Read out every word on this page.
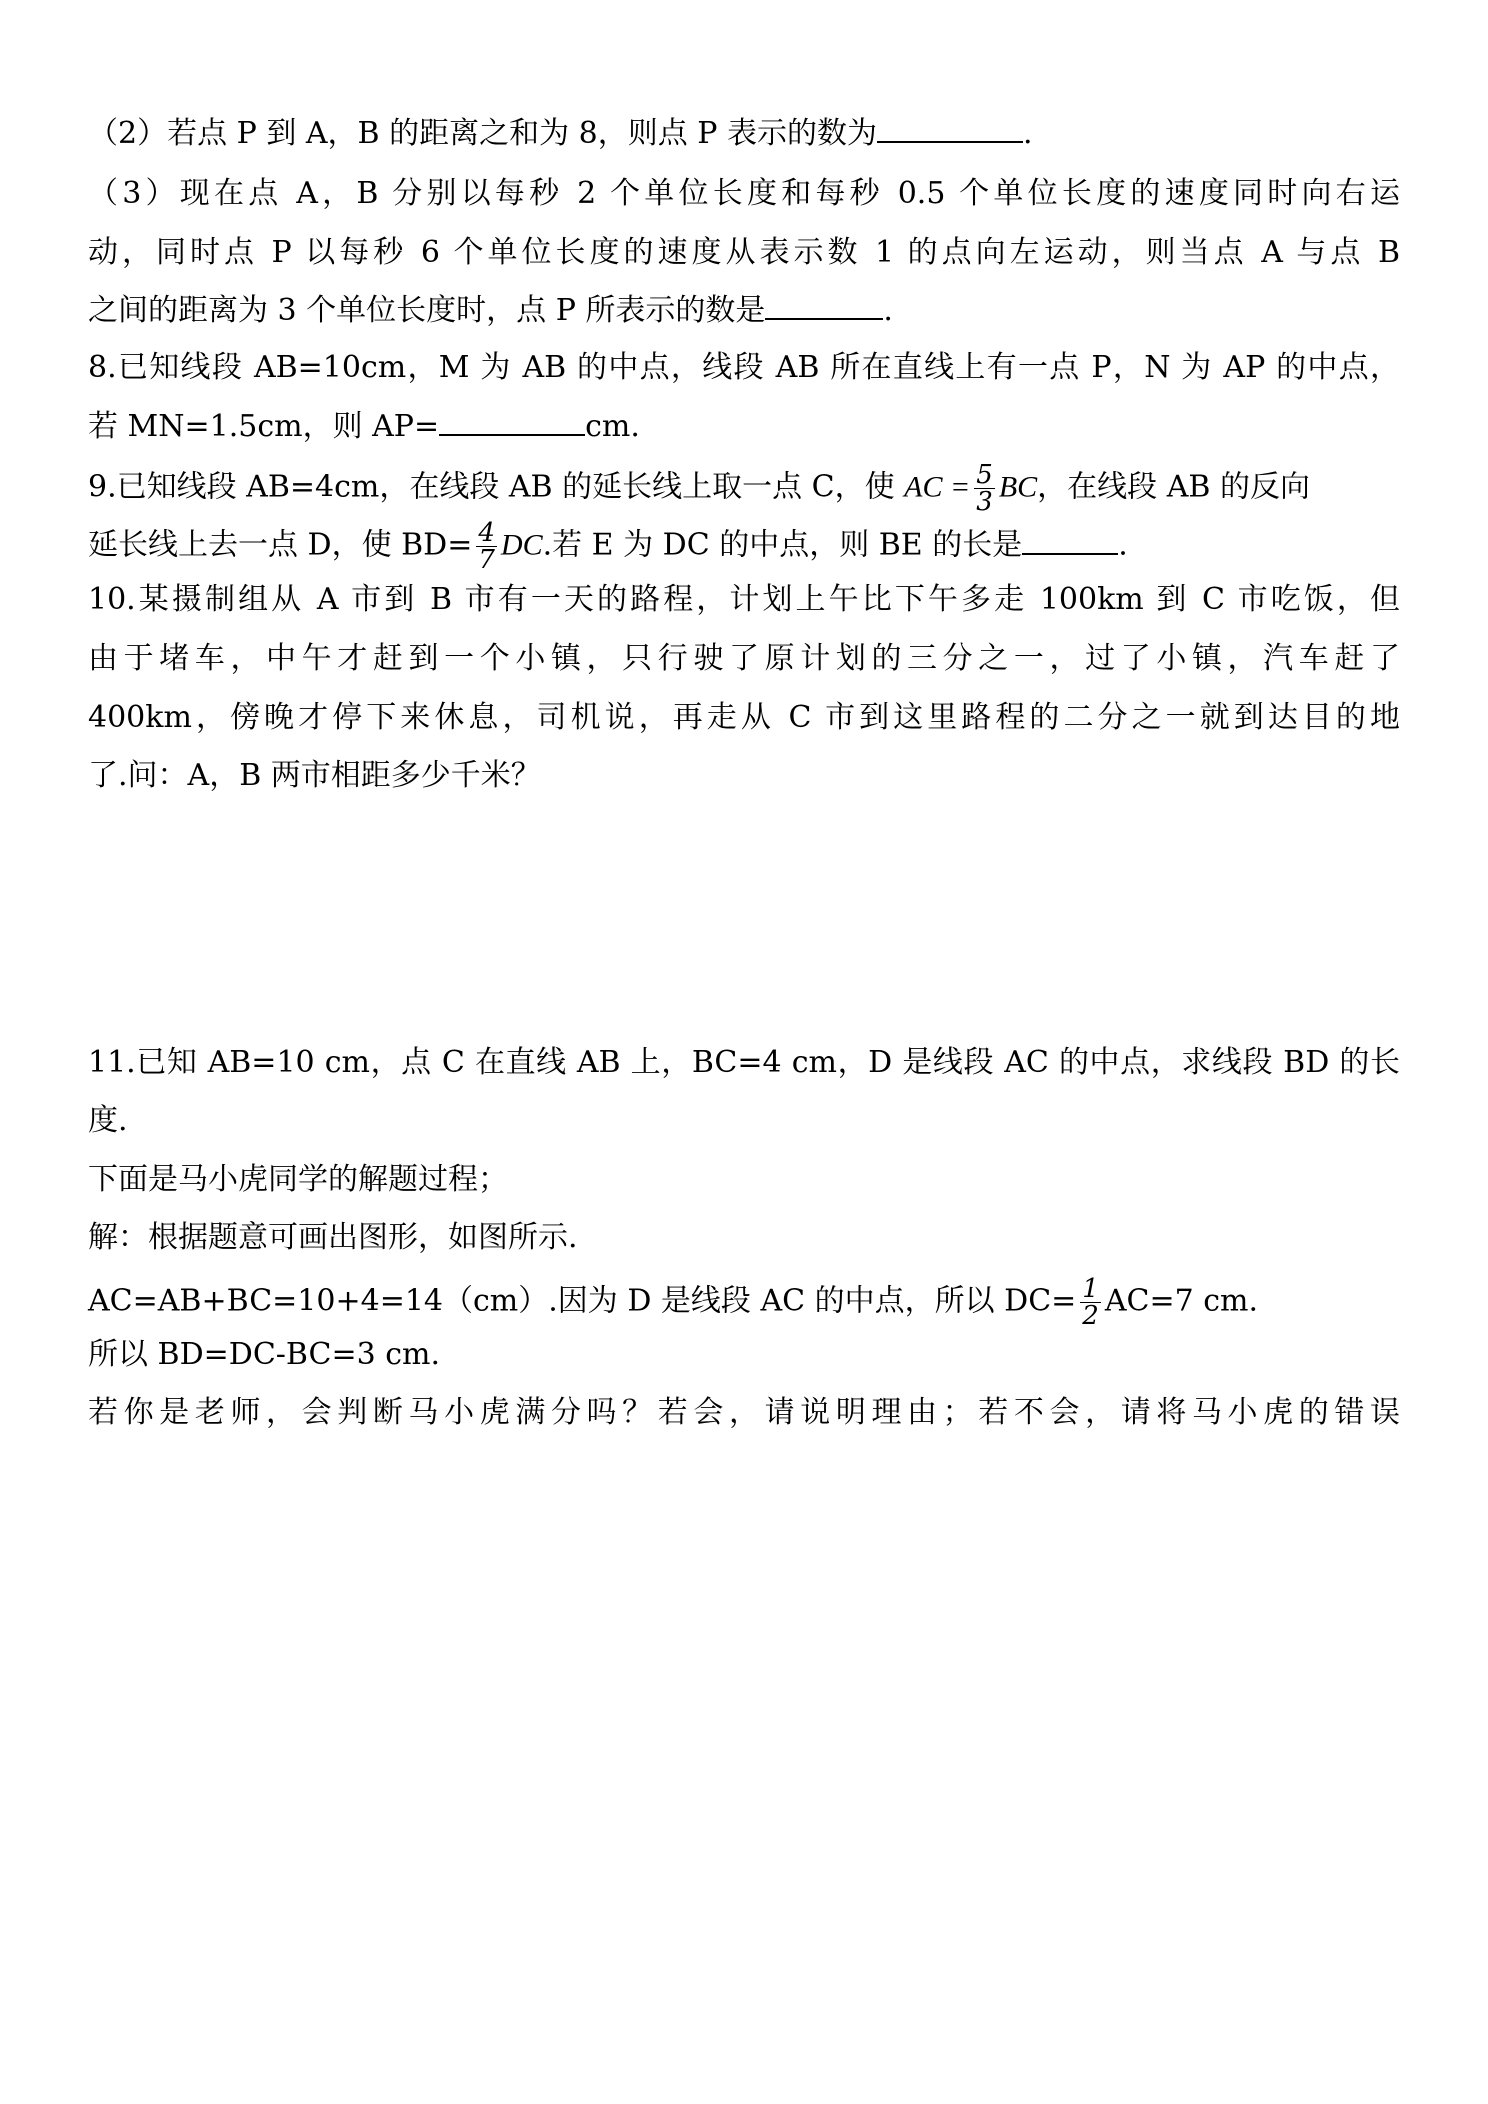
（2）若点 P 到 A，B 的距离之和为 8，则点 P 表示的数为	.
（3）现在点 A，B 分别以每秒 2 个单位长度和每秒 0.5 个单位长度的速度同时向右运
动，同时点 P 以每秒 6 个单位长度的速度从表示数 1 的点向左运动，则当点 A 与点 B
之间的距离为 3 个单位长度时，点 P 所表示的数是	.
8.已知线段 AB=10cm，M 为 AB 的中点，线段 AB 所在直线上有一点 P，N 为 AP 的中点，
若 MN=1.5cm，则 AP=	cm.
9.已知线段 AB=4cm，在线段 AB 的延长线上取一点 C，使 AC = $\frac{5}{3}$ BC，在线段 AB 的反向
延长线上去一点 D，使 $BD= \frac{4}{7}$ DC.若 E 为 DC 的中点，则 BE 的长是	.
10.某摄制组从 A 市到 B 市有一天的路程，计划上午比下午多走 100km 到 C 市吃饭，但
由于堵车，中午才赶到一个小镇，只行驶了原计划的三分之一，过了小镇，汽车赶了
400km，傍晚才停下来休息，司机说，再走从 C 市到这里路程的二分之一就到达目的地
了.问：A，B 两市相距多少千米？
11.已知 AB=10 cm，点 C 在直线 AB 上，BC=4 cm，D 是线段 AC 的中点，求线段 BD 的长
度.
下面是马小虎同学的解题过程；
解：根据题意可画出图形，如图所示.
AC=AB+BC=10+4=14（cm）.因为 D 是线段 AC 的中点，所以 $DC= \frac{1}{2} AC=7$ cm.
所以 BD=DC-BC=3 cm.
若你是老师，会判断马小虎满分吗？若会，请说明理由；若不会，请将马小虎的错误
